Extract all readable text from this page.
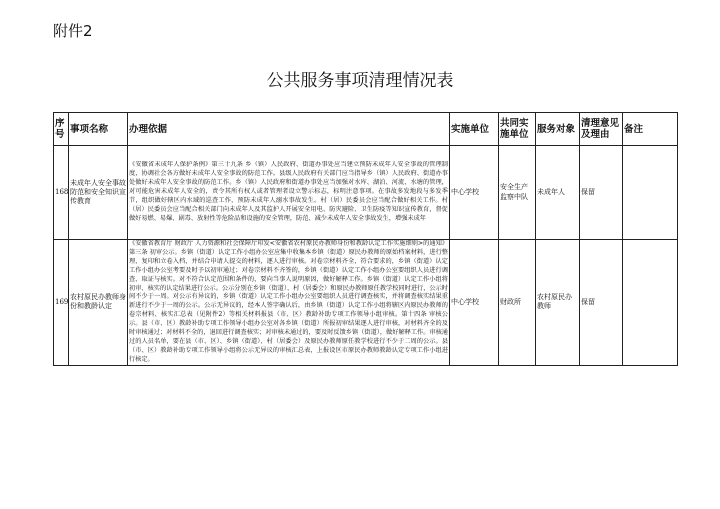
附件2
公共服务事项清理情况表
序号	事项名称	办理依据	实施单位	共同实施单位	服务对象	清理意见及理由	备注
168	未成年人安全事故防范和安全知识宣传教育	《安徽省未成年人保护条例》第三十九条 乡（镇）人民政府、街道办事处应当建立预防未成年人安全事故的管理制度，协调社会各方做好未成年人安全事故的防范工作。县级人民政府有关部门应当指导乡（镇）人民政府、街道办事处做好未成年人安全事故的防范工作。乡（镇）人民政府和街道办事处应当加强对水库、湖泊、河流、水塘的管理，对可能危害未成年人安全的，责令其所有权人或者管理者设立警示标志，标明注意事项。在事故多发地段与多发季节，组织做好辖区内水域的巡查工作，预防未成年人溺水事故发生。村（居）民委员会应当配合做好相关工作。村（居）民委员会应当配合相关部门向未成年人及其监护人开展安全用电、防灾避险、卫生防疫等知识宣传教育，督促做好易燃、易爆、剧毒、放射性等危险品和设施的安全管理，防范、减少未成年人安全事故发生，增强未成年	中心学校	安全生产监察中队	未成年人	保留	
169	农村原民办教师身份和教龄认定	《安徽省教育厅 财政厅 人力资源和社会保障厅印发<安徽省农村原民办教师身份和教龄认定工作实施细则>的通知》第三条 初审公示。乡镇（街道）认定工作小组办公室应集中收集本乡镇（街道）原民办教师的原始档案材料，进行整理、复印和立卷入档，并结合申请人提交的材料，逐人进行审核。对卷宗材料齐全，符合要求的，乡镇（街道）认定工作小组办公室考要及时予以初审通过；对卷宗材料不齐签的，乡镇（街道）认定工作小组办公室要组织人员进行调查、取证与核实。对不符合认定范围和条件的，要向当事人说明原因，做好解释工作。乡镇（街道）认定工作小组将初审、核实的认定结果进行公示。公示分别在乡镇（街道）、村（居委会）和原民办教师原任教学校同时进行，公示时间不少于一周。对公示有异议的，乡镇（街道）认定工作小组办公室要组织人员进行调查核实，并将调查核实结果重新进行不少于一周的公示。公示无异议的，经本人签字确认后，由乡镇（街道）认定工作小组将辖区内原民办教师的卷宗材料、核实汇总表（见附件2）等相关材料报县（市、区）教龄补助专项工作领导小组审核。第十四条 审核公示。县（市、区）教龄补助专项工作领导小组办公室对各乡镇（街道）所报初审结果逐人进行审核，对材料齐全的及时审核通过；对材料不全的，退回进行调查核实；对审核未通过的，要及时反馈乡镇（街道），做好解释工作。审核通过的人员名单，要在县（市、区）、乡镇（街道）、村（居委会）及原民办教师原任教学校进行不少于二周的公示。县（市、区）教龄补助专项工作领导小组将公示无异议的审核汇总表，上报设区市原民办教师教龄认定专项工作小组进行核定。	中心学校	财政所	农村原民办教师	保留	
